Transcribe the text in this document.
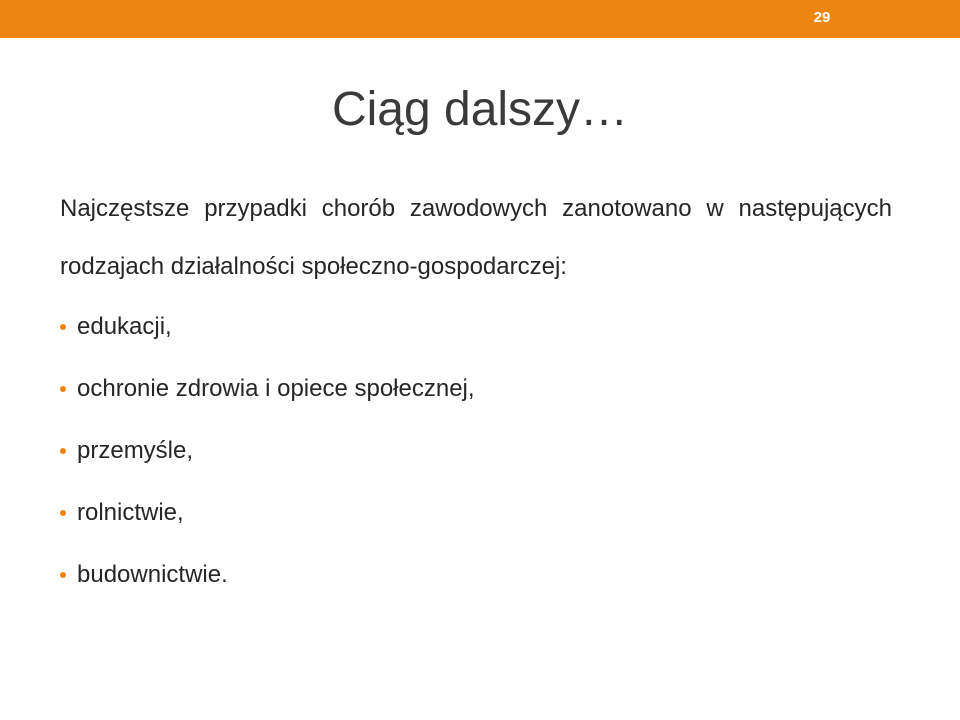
29
Ciąg dalszy…

Najczęstsze przypadki chorób zawodowych zanotowano w następujących rodzajach działalności społeczno-gospodarczej:

edukacji,
ochronie zdrowia i opiece społecznej,
przemyśle,
rolnictwie,
budownictwie.
